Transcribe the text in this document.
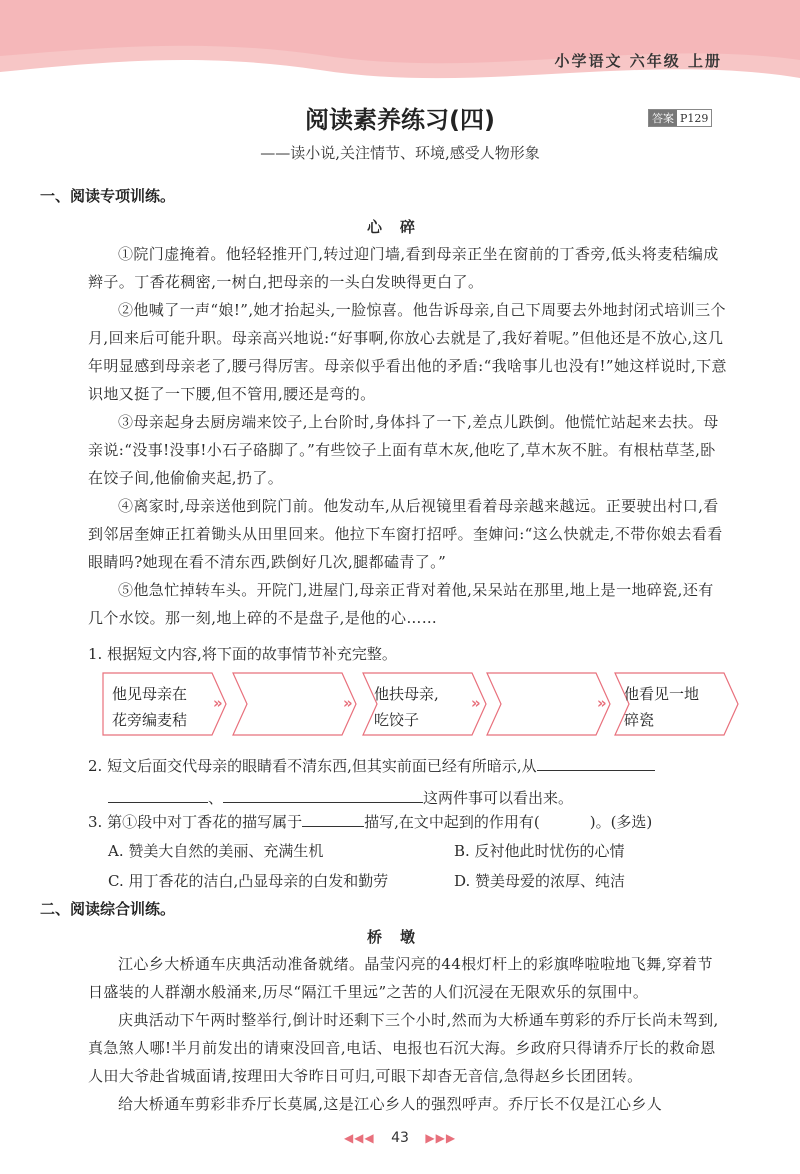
小学语文 六年级 上册
阅读素养练习(四)	答案 P129
——读小说,关注情节、环境,感受人物形象
一、阅读专项训练。
心碎

①院门虚掩着。他轻轻推开门,转过迎门墙,看到母亲正坐在窗前的丁香旁,低头将麦秸编成辫子。丁香花稠密,一树白,把母亲的一头白发映得更白了。

②他喊了一声“娘!”,她才抬起头,一脸惊喜。他告诉母亲,自己下周要去外地封闭式培训三个月,回来后可能升职。母亲高兴地说:“好事啊,你放心去就是了,我好着呢。”但他还是不放心,这几年明显感到母亲老了,腰弓得厉害。母亲似乎看出他的矛盾:“我啥事儿也没有!”她这样说时,下意识地又挺了一下腰,但不管用,腰还是弯的。

③母亲起身去厨房端来饺子,上台阶时,身体抖了一下,差点儿跌倒。他慌忙站起来去扶。母亲说:“没事!没事!小石子硌脚了。”有些饺子上面有草木灰,他吃了,草木灰不脏。有根枯草茎,卧在饺子间,他偷偷夹起,扔了。

④离家时,母亲送他到院门前。他发动车,从后视镜里看着母亲越来越远。正要驶出村口,看到邻居奎婶正扛着锄头从田里回来。他拉下车窗打招呼。奎婶问:“这么快就走,不带你娘去看看眼睛吗?她现在看不清东西,跌倒好几次,腿都磕青了。”

⑤他急忙掉转车头。开院门,进屋门,母亲正背对着他,呆呆站在那里,地上是一地碎瓷,还有几个水饺。那一刻,地上碎的不是盘子,是他的心……

1. 根据短文内容,将下面的故事情节补充完整。
他见母亲在
花旁编麦秸
»	» 他扶母亲,
吃饺子
»	» 他看见一地
碎瓷
2. 短文后面交代母亲的眼睛看不清东西,但其实前面已经有所暗示,从
、	这两件事可以看出来。
3. 第①段中对丁香花的描写属于	描写,在文中起到的作用有(	)。(多选)
A. 赞美大自然的美丽、充满生机	B. 反衬他此时忧伤的心情
C. 用丁香花的洁白,凸显母亲的白发和勤劳	D. 赞美母爱的浓厚、纯洁
二、阅读综合训练。
桥墩

江心乡大桥通车庆典活动准备就绪。晶莹闪亮的44根灯杆上的彩旗哗啦啦地飞舞,穿着节日盛装的人群潮水般涌来,历尽“隔江千里远”之苦的人们沉浸在无限欢乐的氛围中。

庆典活动下午两时整举行,倒计时还剩下三个小时,然而为大桥通车剪彩的乔厅长尚未驾到,真急煞人哪!半月前发出的请柬没回音,电话、电报也石沉大海。乡政府只得请乔厅长的救命恩人田大爷赴省城面请,按理田大爷昨日可归,可眼下却杳无音信,急得赵乡长团团转。

给大桥通车剪彩非乔厅长莫属,这是江心乡人的强烈呼声。乔厅长不仅是江心乡人

◀◀◀ 43 ▶▶▶
